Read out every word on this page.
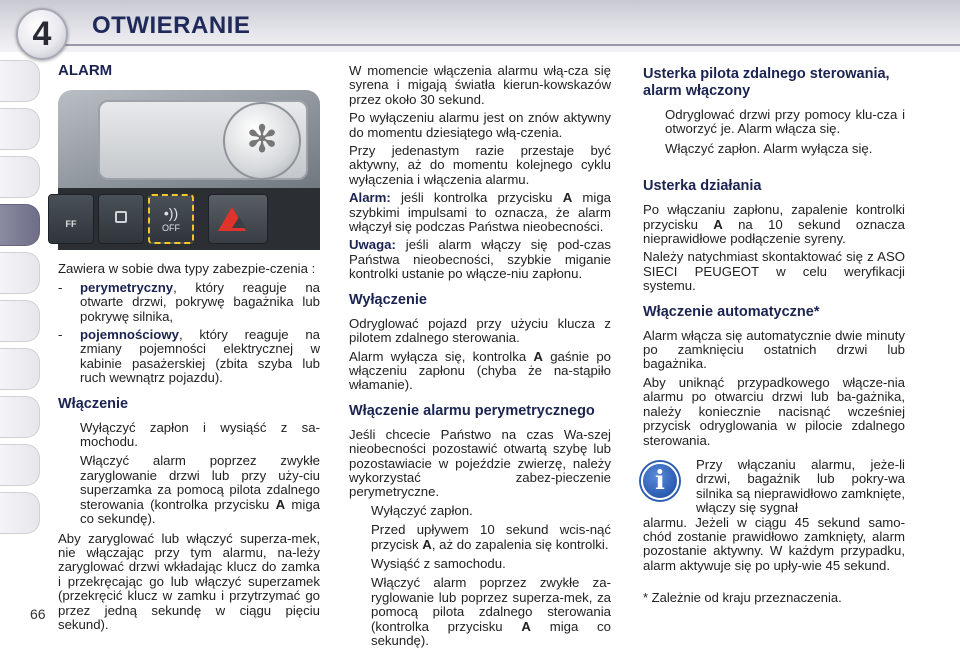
4	OTWIERANIE
ALARM
✻
FF
•))
OFF
Zawiera w sobie dwa typy zabezpie-czenia :
-	perymetryczny, który reaguje na otwarte drzwi, pokrywę bagażnika lub pokrywę silnika,
-	pojemnościowy, który reaguje na zmiany pojemności elektrycznej w kabinie pasażerskiej (zbita szyba lub ruch wewnątrz pojazdu).
Włączenie
Wyłączyć zapłon i wysiąść z sa-mochodu.
Włączyć alarm poprzez zwykłe zaryglowanie drzwi lub przy uży-ciu superzamka za pomocą pilota zdalnego sterowania (kontrolka przycisku A miga co sekundę).
Aby zaryglować lub włączyć superza-mek, nie włączając przy tym alarmu, na-leży zaryglować drzwi wkładając klucz do zamka i przekręcając go lub włączyć superzamek (przekręcić klucz w zamku i przytrzymać go przez jedną sekundę w ciągu pięciu sekund).
W momencie włączenia alarmu włą-cza się syrena i migają światła kierun-kowskazów przez około 30 sekund.
Po wyłączeniu alarmu jest on znów aktywny do momentu dziesiątego włą-czenia.
Przy jedenastym razie przestaje być aktywny, aż do momentu kolejnego cyklu wyłączenia i włączenia alarmu.
Alarm: jeśli kontrolka przycisku A miga szybkimi impulsami to oznacza, że alarm włączył się podczas Państwa nieobecności.
Uwaga: jeśli alarm włączy się pod-czas Państwa nieobecności, szybkie miganie kontrolki ustanie po włącze-niu zapłonu.
Wyłączenie
Odryglować pojazd przy użyciu klucza z pilotem zdalnego sterowania.
Alarm wyłącza się, kontrolka A gaśnie po włączeniu zapłonu (chyba że na-stąpiło włamanie).
Włączenie alarmu perymetrycznego
Jeśli chcecie Państwo na czas Wa-szej nieobecności pozostawić otwartą szybę lub pozostawiacie w pojeździe zwierzę, należy wykorzystać zabez-pieczenie perymetryczne.
Wyłączyć zapłon.
Przed upływem 10 sekund wcis-nąć przycisk A, aż do zapalenia się kontrolki.
Wysiąść z samochodu.
Włączyć alarm poprzez zwykłe za-ryglowanie lub poprzez superza-mek, za pomocą pilota zdalnego sterowania (kontrolka przycisku A miga co sekundę).
Usterka pilota zdalnego sterowania, alarm włączony
Odryglować drzwi przy pomocy klu-cza i otworzyć je. Alarm włącza się.
Włączyć zapłon. Alarm wyłącza się.
Usterka działania
Po włączaniu zapłonu, zapalenie kontrolki przycisku A na 10 sekund oznacza nieprawidłowe podłączenie syreny.
Należy natychmiast skontaktować się z ASO SIECI PEUGEOT w celu weryfikacji systemu.
Włączenie automatyczne*
Alarm włącza się automatycznie dwie minuty po zamknięciu ostatnich drzwi lub bagażnika.
Aby uniknąć przypadkowego włącze-nia alarmu po otwarciu drzwi lub ba-gażnika, należy koniecznie nacisnąć wcześniej przycisk odryglowania w pilocie zdalnego sterowania.
i
Przy włączaniu alarmu, jeże-li drzwi, bagażnik lub pokry-wa silnika są nieprawidłowo zamknięte, włączy się sygnał
alarmu. Jeżeli w ciągu 45 sekund samo-chód zostanie prawidłowo zamknięty, alarm pozostanie aktywny. W każdym przypadku, alarm aktywuje się po upły-wie 45 sekund.
* Zależnie od kraju przeznaczenia.
66
